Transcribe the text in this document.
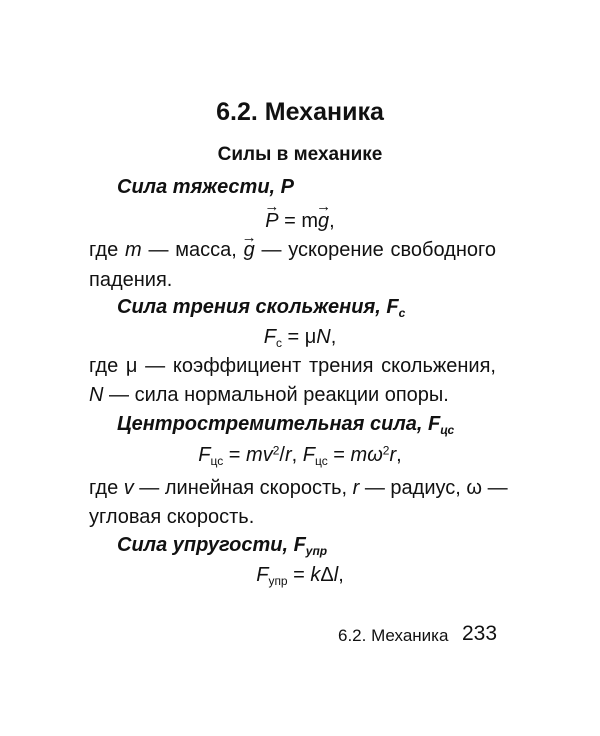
6.2. Механика
Силы в механике
Сила тяжести, P
→ P = m→ g,
где m — масса, → g — ускорение свободного
падения.
Сила трения скольжения, $F_с$
$F_с = \mu N$,
где μ — коэффициент трения скольжения,
N — сила нормальной реакции опоры.
Центростремительная сила, $F_{цс}$
$F_{цс} = mv^2/r$, $F_{цс} = m\omega^2r$,
где v — линейная скорость, r — радиус, ω —
угловая скорость.
Сила упругости, $F_{упр}$
$F_{упр} = k\Delta l$,
6.2. Механика 233
